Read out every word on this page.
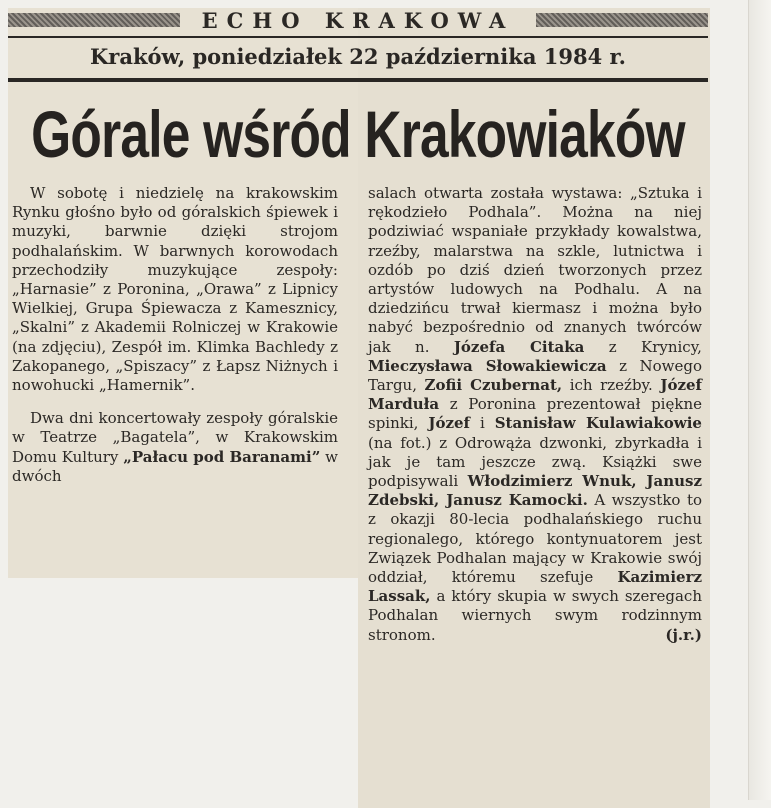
ECHO KRAKOWA
Kraków, poniedziałek 22 października 1984 r.
Górale wśród Krakowiaków

W sobotę i niedzielę na krakowskim Rynku głośno było od góralskich śpiewek i muzyki, barwnie dzięki strojom podhalańskim. W barwnych korowodach przechodziły muzykujące zespoły: „Harnasie” z Poronina, „Orawa” z Lipnicy Wielkiej, Grupa Śpiewacza z Kamesznicy, „Skalni” z Akademii Rolniczej w Krakowie (na zdjęciu), Zespół im. Klimka Bachledy z Zakopanego, „Spiszacy” z Łapsz Niżnych i nowohucki „Hamernik”.

Dwa dni koncertowały zespoły góralskie w Teatrze „Bagatela”, w Krakowskim Domu Kultury „Pałacu pod Baranami” w dwóch

salach otwarta została wystawa: „Sztuka i rękodzieło Podhala”. Można na niej podziwiać wspaniałe przykłady kowalstwa, rzeźby, malarstwa na szkle, lutnictwa i ozdób po dziś dzień tworzonych przez artystów ludowych na Podhalu. A na dziedzińcu trwał kiermasz i można było nabyć bezpośrednio od znanych twórców jak n. Józefa Citaka z Krynicy, Mieczysława Słowakiewicza z Nowego Targu, Zofii Czubernat, ich rzeźby. Józef Marduła z Poronina prezentował piękne spinki, Józef i Stanisław Kulawiakowie (na fot.) z Odrowąża dzwonki, zbyrkadła i jak je tam jeszcze zwą. Książki swe podpisywali Włodzimierz Wnuk, Janusz Zdebski, Janusz Kamocki. A wszystko to z okazji 80-lecia podhalańskiego ruchu regionalego, którego kontynuatorem jest Związek Podhalan mający w Krakowie swój oddział, któremu szefuje Kazimierz Lassak, a który skupia w swych szeregach Podhalan wiernych swym rodzinnym stronom.	(j.r.)
